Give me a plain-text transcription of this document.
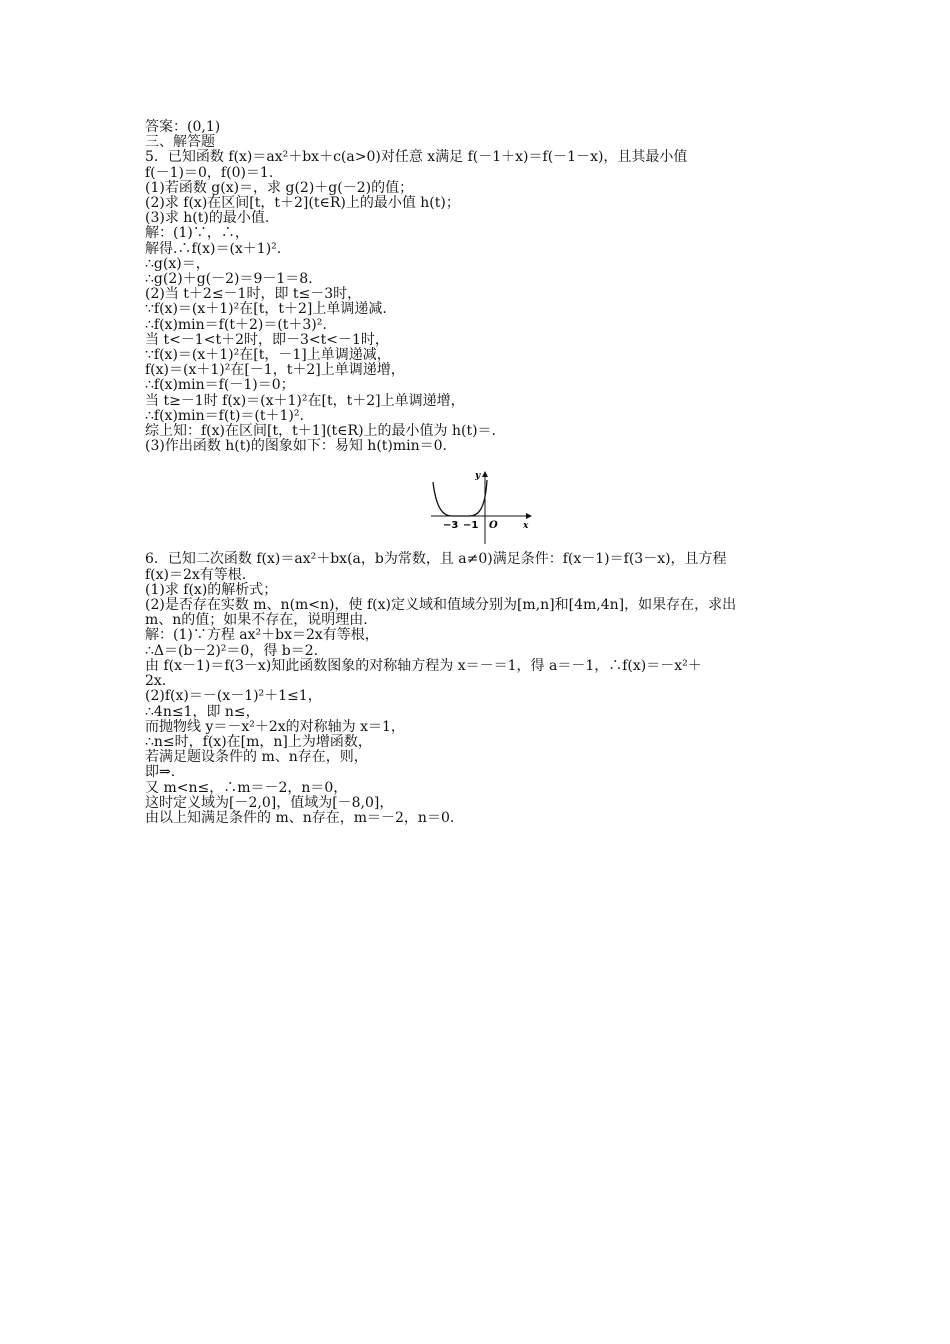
答案：(0,1)
三、解答题
5．已知函数 f(x)＝ax²＋bx＋c(a>0)对任意 x满足 f(－1＋x)＝f(－1－x)，且其最小值
f(－1)＝0，f(0)＝1.
(1)若函数 g(x)＝，求 g(2)＋g(－2)的值；
(2)求 f(x)在区间[t，t＋2](t∈R)上的最小值 h(t)；
(3)求 h(t)的最小值.
解：(1)∵，∴，
解得.∴f(x)＝(x＋1)².
∴g(x)＝，
∴g(2)＋g(－2)＝9－1＝8.
(2)当 t＋2≤－1时，即 t≤－3时，
∵f(x)＝(x＋1)²在[t，t＋2]上单调递减.
∴f(x)min＝f(t＋2)＝(t＋3)².
当 t<－1<t＋2时，即－3<t<－1时，
∵f(x)＝(x＋1)²在[t，－1]上单调递减，
f(x)＝(x＋1)²在[－1，t＋2]上单调递增，
∴f(x)min＝f(－1)＝0；
当 t≥－1时 f(x)＝(x＋1)²在[t，t＋2]上单调递增，
∴f(x)min＝f(t)＝(t＋1)².
综上知：f(x)在区间[t，t＋1](t∈R)上的最小值为 h(t)＝.
(3)作出函数 h(t)的图象如下：易知 h(t)min＝0.
y
x
−3 −1 O
6．已知二次函数 f(x)＝ax²＋bx(a，b为常数，且 a≠0)满足条件：f(x－1)＝f(3－x)，且方程
f(x)＝2x有等根.
(1)求 f(x)的解析式；
(2)是否存在实数 m、n(m<n)，使 f(x)定义域和值域分别为[m,n]和[4m,4n]，如果存在，求出
m、n的值；如果不存在，说明理由.
解：(1)∵方程 ax²＋bx＝2x有等根，
∴Δ＝(b－2)²＝0，得 b＝2.
由 f(x－1)＝f(3－x)知此函数图象的对称轴方程为 x＝－＝1，得 a＝－1，∴f(x)＝－x²＋
2x.
(2)f(x)＝－(x－1)²＋1≤1，
∴4n≤1，即 n≤，
而抛物线 y＝－x²＋2x的对称轴为 x＝1，
∴n≤时，f(x)在[m，n]上为增函数，
若满足题设条件的 m、n存在，则，
即⇒.
又 m<n≤，∴m＝－2，n＝0，
这时定义域为[－2,0]，值域为[－8,0]，
由以上知满足条件的 m、n存在，m＝－2，n＝0.
